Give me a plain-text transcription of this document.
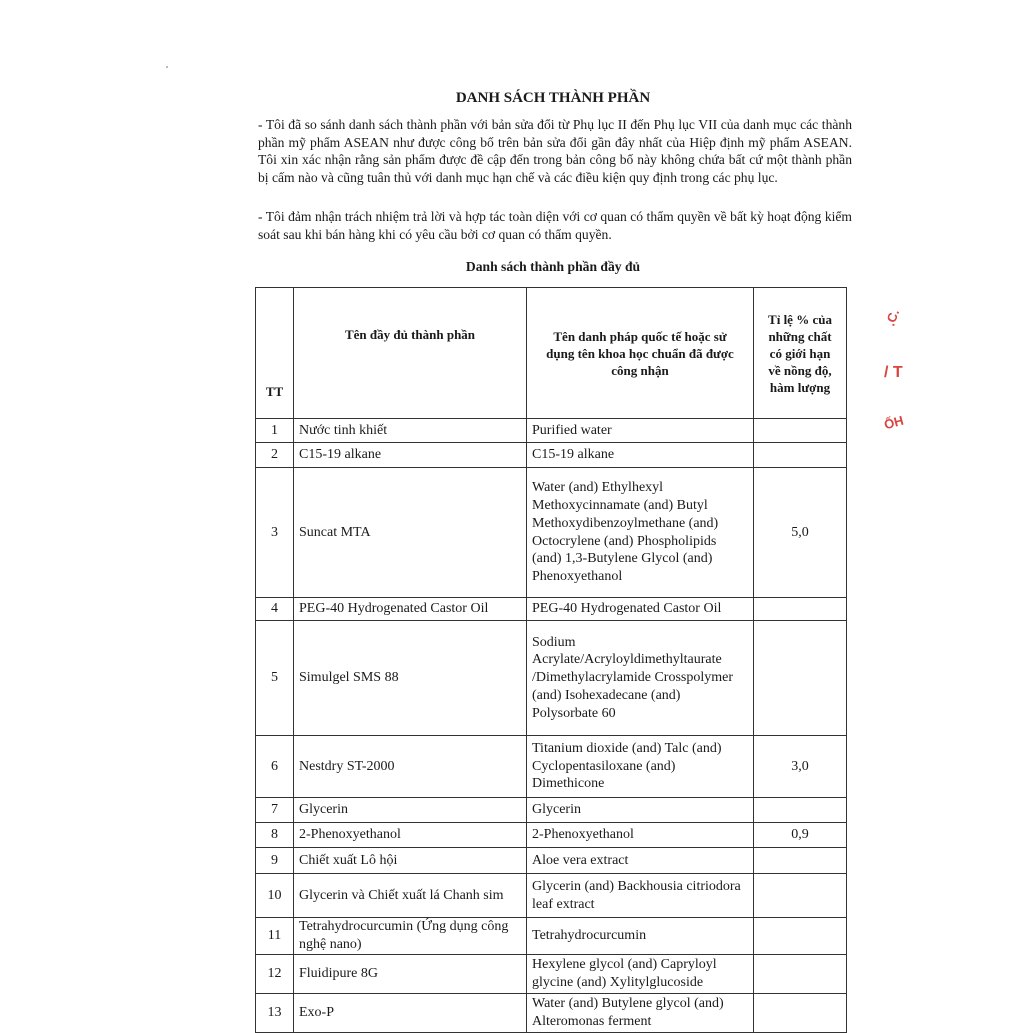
DANH SÁCH THÀNH PHẦN
- Tôi đã so sánh danh sách thành phần với bản sửa đổi từ Phụ lục II đến Phụ lục VII của danh mục các thành phần mỹ phẩm ASEAN như được công bố trên bản sửa đổi gần đây nhất của Hiệp định mỹ phẩm ASEAN. Tôi xin xác nhận rằng sản phẩm được đề cập đến trong bản công bố này không chứa bất cứ một thành phần bị cấm nào và cũng tuân thủ với danh mục hạn chế và các điều kiện quy định trong các phụ lục.
- Tôi đảm nhận trách nhiệm trả lời và hợp tác toàn diện với cơ quan có thẩm quyền về bất kỳ hoạt động kiểm soát sau khi bán hàng khi có yêu cầu bởi cơ quan có thẩm quyền.
Danh sách thành phần đầy đủ
TT	Tên đầy đủ thành phần	Tên danh pháp quốc tế hoặc sử dụng tên khoa học chuẩn đã được công nhận	Tỉ lệ % của những chất có giới hạn về nồng độ, hàm lượng
1	Nước tinh khiết	Purified water	
2	C15-19 alkane	C15-19 alkane	
3	Suncat MTA	Water (and) Ethylhexyl Methoxycinnamate (and) Butyl Methoxydibenzoylmethane (and) Octocrylene (and) Phospholipids (and) 1,3-Butylene Glycol (and) Phenoxyethanol	5,0
4	PEG-40 Hydrogenated Castor Oil	PEG-40 Hydrogenated Castor Oil	
5	Simulgel SMS 88	Sodium Acrylate/Acryloyldimethyltaurate /Dimethylacrylamide Crosspolymer (and) Isohexadecane (and) Polysorbate 60	
6	Nestdry ST-2000	Titanium dioxide (and) Talc (and) Cyclopentasiloxane (and) Dimethicone	3,0
7	Glycerin	Glycerin	
8	2-Phenoxyethanol	2-Phenoxyethanol	0,9
9	Chiết xuất Lô hội	Aloe vera extract	
10	Glycerin và Chiết xuất lá Chanh sim	Glycerin (and) Backhousia citriodora leaf extract	
11	Tetrahydrocurcumin (Ứng dụng công nghệ nano)	Tetrahydrocurcumin	
12	Fluidipure 8G	Hexylene glycol (and) Capryloyl glycine (and) Xylitylglucoside	
13	Exo-P	Water (and) Butylene glycol (and) Alteromonas ferment	
.C.
/ T
ỐH
